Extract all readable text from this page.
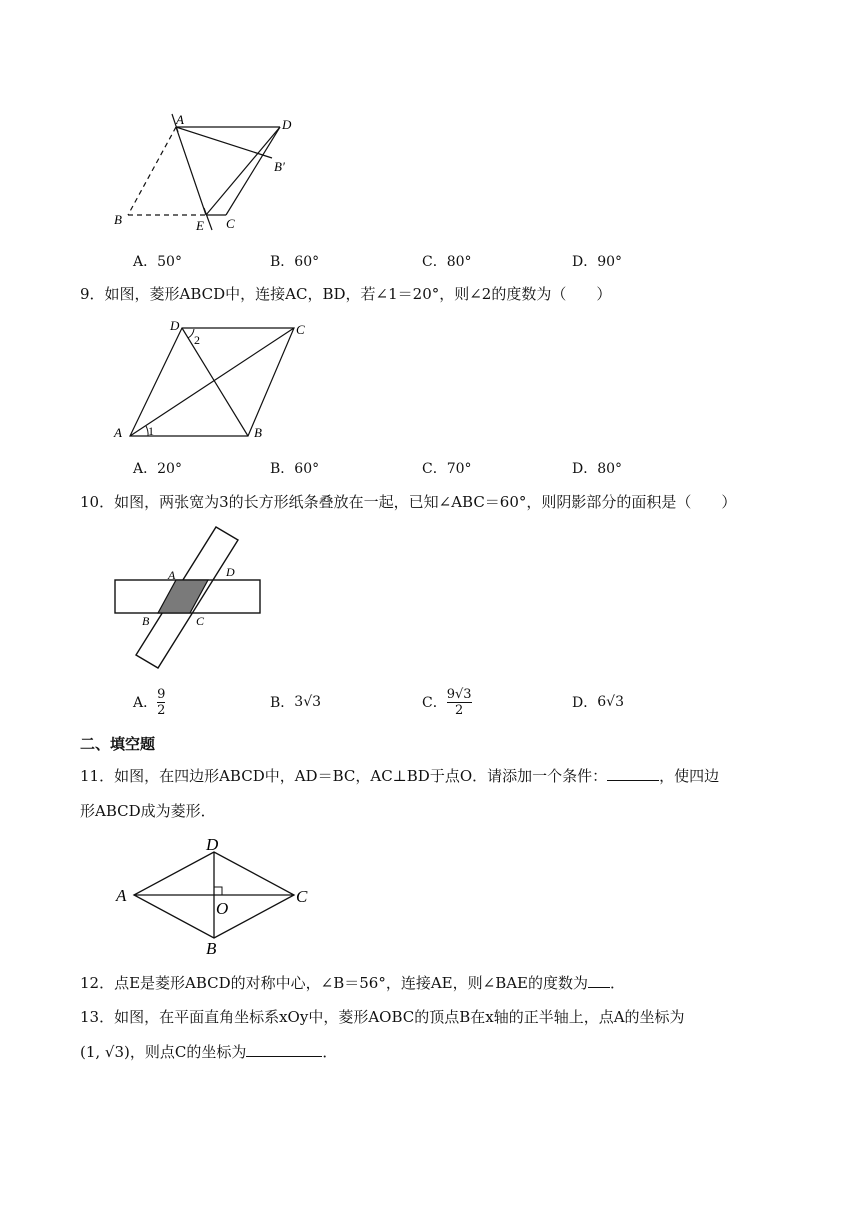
A	D
B′
B	E C
A．50°	B．60°	C．80°	D．90°
9．如图，菱形ABCD中，连接AC，BD，若∠1＝20°，则∠2的度数为（　　）
D	C
A	B
2
1
A．20°	B．60°	C．70°	D．80°
10．如图，两张宽为3的长方形纸条叠放在一起，已知∠ABC＝60°，则阴影部分的面积是（　　）
A	D
B	C
A． $\frac{9}{2}$	B． 3√3	C． $\frac{9√3}{2}$	D． 6√3
二、填空题
11．如图，在四边形ABCD中，AD＝BC，AC⊥BD于点O．请添加一个条件：	，使四边
形ABCD成为菱形．
D
A	C
O
B
12．点E是菱形ABCD的对称中心，∠B＝56°，连接AE，则∠BAE的度数为 ．
13．如图，在平面直角坐标系xOy中，菱形AOBC的顶点B在x轴的正半轴上，点A的坐标为
(1, √3)，则点C的坐标为	．
